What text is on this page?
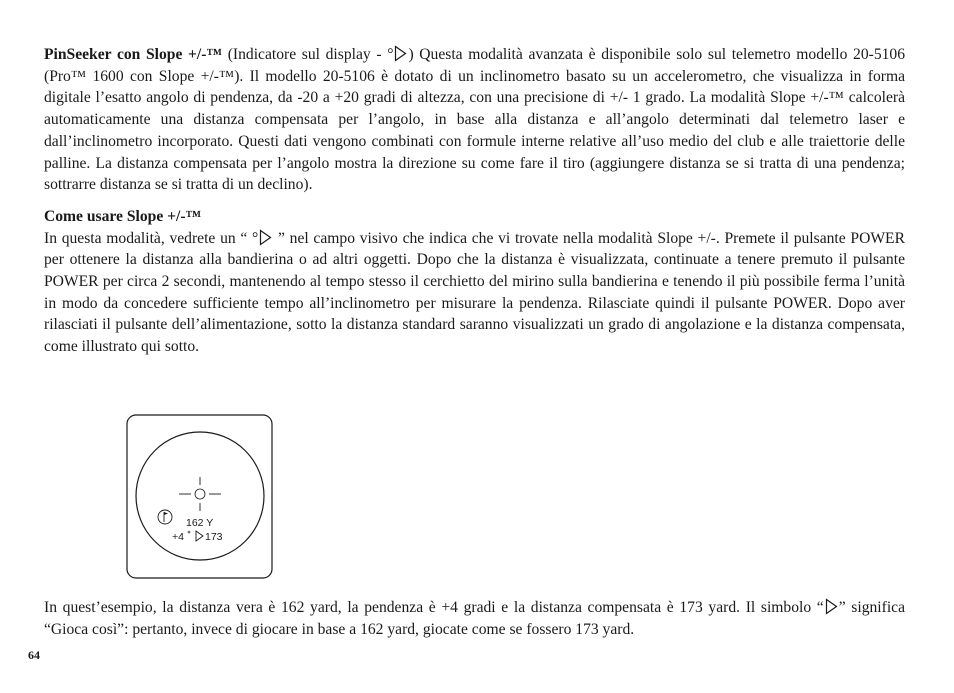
PinSeeker con Slope +/-™ (Indicatore sul display - ° ) Questa modalità avanzata è disponibile solo sul telemetro modello 20-5106 (Pro™ 1600 con Slope +/-™). Il modello 20-5106 è dotato di un inclinometro basato su un accelerometro, che visualizza in forma digitale l’esatto angolo di pendenza, da -20 a +20 gradi di altezza, con una precisione di +/- 1 grado. La modalità Slope +/-™ calcolerà automaticamente una distanza compensata per l’angolo, in base alla distanza e all’angolo determinati dal telemetro laser e dall’inclinometro incorporato. Questi dati vengono combinati con formule interne relative all’uso medio del club e alle traiettorie delle palline. La distanza compensata per l’angolo mostra la direzione su come fare il tiro (aggiungere distanza se si tratta di una pendenza; sottrarre distanza se si tratta di un declino).

Come usare Slope +/-™

In questa modalità, vedrete un “ ° ” nel campo visivo che indica che vi trovate nella modalità Slope +/-. Premete il pulsante POWER per ottenere la distanza alla bandierina o ad altri oggetti. Dopo che la distanza è visualizzata, continuate a tenere premuto il pulsante POWER per circa 2 secondi, mantenendo al tempo stesso il cerchietto del mirino sulla bandierina e tenendo il più possibile ferma l’unità in modo da concedere sufficiente tempo all’inclinometro per misurare la pendenza. Rilasciate quindi il pulsante POWER. Dopo aver rilasciati il pulsante dell’alimentazione, sotto la distanza standard saranno visualizzati un grado di angolazione e la distanza compensata, come illustrato qui sotto.

162 Y
+4 173

In quest’esempio, la distanza vera è 162 yard, la pendenza è +4 gradi e la distanza compensata è 173 yard. Il simbolo “ ” significa “Gioca così”: pertanto, invece di giocare in base a 162 yard, giocate come se fossero 173 yard.

64
